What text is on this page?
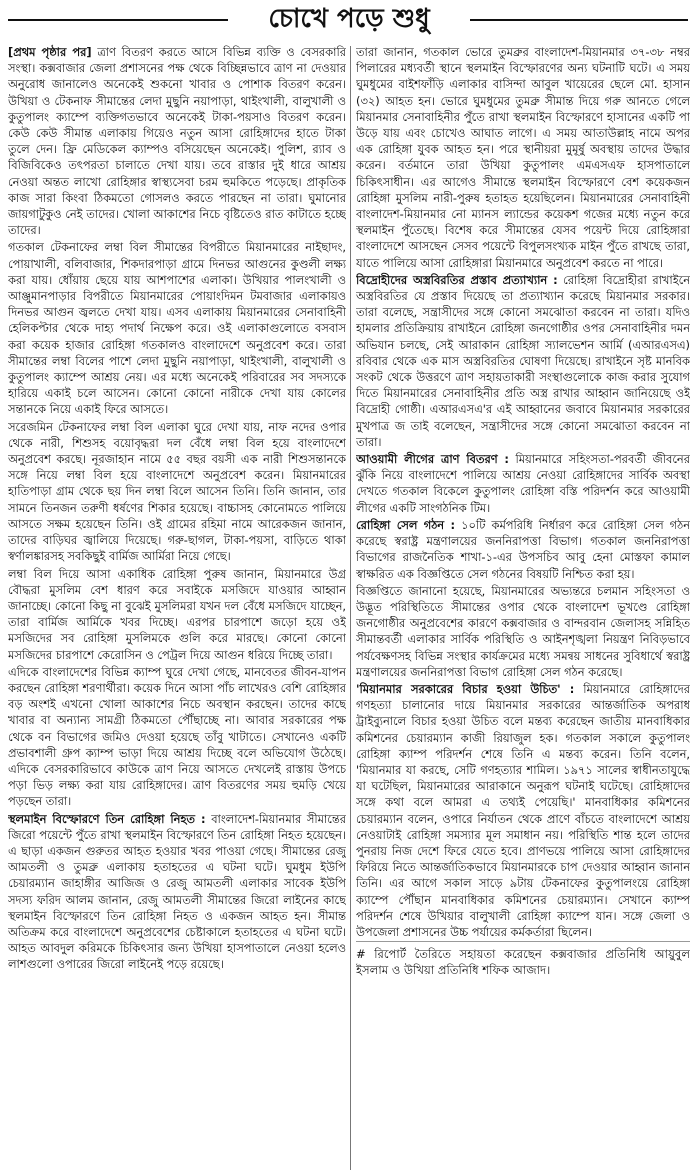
চোখে পড়ে শুধু

[প্রথম পৃষ্ঠার পর] ত্রাণ বিতরণ করতে আসে বিভিন্ন ব্যক্তি ও বেসরকারি সংস্থা। কক্সবাজার জেলা প্রশাসনের পক্ষ থেকে বিচ্ছিন্নভাবে ত্রাণ না দেওয়ার অনুরোধ জানালেও অনেকেই শুকনো খাবার ও পোশাক বিতরণ করেন। উখিয়া ও টেকনাফ সীমান্তের লেদা মুছুনি নয়াপাড়া, থাইংখালী, বালুখালী ও কুতুপালং ক্যাম্পে ব্যক্তিগতভাবে অনেকেই টাকা-পয়সাও বিতরণ করেন। কেউ কেউ সীমান্ত এলাকায় গিয়েও নতুন আসা রোহিঙ্গাদের হাতে টাকা তুলে দেন। ফ্রি মেডিকেল ক্যাম্পও বসিয়েছেন অনেকেই। পুলিশ, র‍্যাব ও বিজিবিকেও তৎপরতা চালাতে দেখা যায়। তবে রাস্তার দুই ধারে আশ্রয় নেওয়া অন্তত লাখো রোহিঙ্গার স্বাস্থ্যসেবা চরম হুমকিতে পড়েছে। প্রাকৃতিক কাজ সারা কিংবা ঠিকমতো গোসলও করতে পারছেন না তারা। ঘুমানোর জায়গাটুকুও নেই তাদের। খোলা আকাশের নিচে বৃষ্টিতেও রাত কাটাতে হচ্ছে তাদের।

গতকাল টেকনাফের লম্বা বিল সীমান্তের বিপরীতে মিয়ানমারের নাইছাদং, পোয়াখালী, বলিবাজার, শিকদারপাড়া গ্রামে দিনভর আগুনের কুণ্ডলী লক্ষ্য করা যায়। ধোঁয়ায় ছেয়ে যায় আশপাশের এলাকা। উখিয়ার পালংখালী ও আঞ্জুমানপাড়ার বিপরীতে মিয়ানমারের পোয়াংদিমন টমবাজার এলাকায়ও দিনভর আগুন জ্বলতে দেখা যায়। এসব এলাকায় মিয়ানমারের সেনাবাহিনী হেলিকপ্টার থেকে দাহ্য পদার্থ নিক্ষেপ করে। ওই এলাকাগুলোতে বসবাস করা কয়েক হাজার রোহিঙ্গা গতকালও বাংলাদেশে অনুপ্রবেশ করে। তারা সীমান্তের লম্বা বিলের পাশে লেদা মুছুনি নয়াপাড়া, থাইংখালী, বালুখালী ও কুতুপালং ক্যাম্পে আশ্রয় নেয়। এর মধ্যে অনেকেই পরিবারের সব সদস্যকে হারিয়ে একাই চলে আসেন। কোনো কোনো নারীকে দেখা যায় কোলের সন্তানকে নিয়ে একাই ফিরে আসতে।

সরেজমিন টেকনাফের লম্বা বিল এলাকা ঘুরে দেখা যায়, নাফ নদের ওপার থেকে নারী, শিশুসহ বয়োবৃদ্ধরা দল বেঁধে লম্বা বিল হয়ে বাংলাদেশে অনুপ্রবেশ করছে। নূরজাহান নামে ৫৫ বছর বয়সী এক নারী শিশুসন্তানকে সঙ্গে নিয়ে লম্বা বিল হয়ে বাংলাদেশে অনুপ্রবেশ করেন। মিয়ানমারের হাতিপাড়া গ্রাম থেকে ছয় দিন লম্বা বিলে আসেন তিনি। তিনি জানান, তার সামনে তিনজন তরুণী ধর্ষণের শিকার হয়েছে। বাচ্চাসহ কোনোমতে পালিয়ে আসতে সক্ষম হয়েছেন তিনি। ওই গ্রামের রহিমা নামে আরেকজন জানান, তাদের বাড়িঘর জ্বালিয়ে দিয়েছে। গরু-ছাগল, টাকা-পয়সা, বাড়িতে থাকা স্বর্ণালঙ্কারসহ সবকিছুই বার্মিজ আর্মিরা নিয়ে গেছে।

লম্বা বিল দিয়ে আসা একাধিক রোহিঙ্গা পুরুষ জানান, মিয়ানমারে উগ্র বৌদ্ধরা মুসলিম বেশ ধারণ করে সবাইকে মসজিদে যাওয়ার আহ্বান জানাচ্ছে। কোনো কিছু না বুঝেই মুসলিমরা যখন দল বেঁধে মসজিদে যাচ্ছেন, তারা বার্মিজ আর্মিকে খবর দিচ্ছে। এরপর চারপাশে জড়ো হয়ে ওই মসজিদের সব রোহিঙ্গা মুসলিমকে গুলি করে মারছে। কোনো কোনো মসজিদের চারপাশে কেরোসিন ও পেট্রল দিয়ে আগুন ধরিয়ে দিচ্ছে তারা।

এদিকে বাংলাদেশের বিভিন্ন ক্যাম্প ঘুরে দেখা গেছে, মানবেতর জীবন-যাপন করছেন রোহিঙ্গা শরণার্থীরা। কয়েক দিনে আসা পাঁচ লাখেরও বেশি রোহিঙ্গার বড় অংশই এখনো খোলা আকাশের নিচে অবস্থান করছেন। তাদের কাছে খাবার বা অন্যান্য সামগ্রী ঠিকমতো পৌঁছাচ্ছে না। আবার সরকারের পক্ষ থেকে বন বিভাগের জমিও দেওয়া হয়েছে তাঁবু খাটাতে। সেখানেও একটি প্রভাবশালী গ্রুপ ক্যাম্প ভাড়া দিয়ে আশ্রয় দিচ্ছে বলে অভিযোগ উঠেছে। এদিকে বেসরকারিভাবে কাউকে ত্রাণ নিয়ে আসতে দেখলেই রাস্তায় উপচে পড়া ভিড় লক্ষ্য করা যায় রোহিঙ্গাদের। ত্রাণ বিতরণের সময় হুমড়ি খেয়ে পড়ছেন তারা।

স্থলমাইন বিস্ফোরণে তিন রোহিঙ্গা নিহত : বাংলাদেশ-মিয়ানমার সীমান্তের জিরো পয়েন্টে পুঁতে রাখা স্থলমাইন বিস্ফোরণে তিন রোহিঙ্গা নিহত হয়েছেন। এ ছাড়া একজন গুরুতর আহত হওয়ার খবর পাওয়া গেছে। সীমান্তের রেজু আমতলী ও তুমব্রু এলাকায় হতাহতের এ ঘটনা ঘটে। ঘুমধুম ইউপি চেয়ারম্যান জাহাঙ্গীর আজিজ ও রেজু আমতলী এলাকার সাবেক ইউপি সদস্য ফরিদ আলম জানান, রেজু আমতলী সীমান্তের জিরো লাইনের কাছে স্থলমাইন বিস্ফোরণে তিন রোহিঙ্গা নিহত ও একজন আহত হন। সীমান্ত অতিক্রম করে বাংলাদেশে অনুপ্রবেশের চেষ্টাকালে হতাহতের এ ঘটনা ঘটে। আহত আবদুল করিমকে চিকিৎসার জন্য উখিয়া হাসপাতালে নেওয়া হলেও লাশগুলো ওপারের জিরো লাইনেই পড়ে রয়েছে।

তারা জানান, গতকাল ভোরে তুমব্রুর বাংলাদেশ-মিয়ানমার ৩৭-৩৮ নম্বর পিলারের মধ্যবর্তী স্থানে স্থলমাইন বিস্ফোরণের অন্য ঘটনাটি ঘটে। এ সময় ঘুমধুমের বাইশফাঁড়ি এলাকার বাসিন্দা আবুল খায়েরের ছেলে মো. হাসান (৩২) আহত হন। ভোরে ঘুমধুমের তুমব্রু সীমান্ত দিয়ে গরু আনতে গেলে মিয়ানমার সেনাবাহিনীর পুঁতে রাখা স্থলমাইন বিস্ফোরণে হাসানের একটি পা উড়ে যায় এবং চোখেও আঘাত লাগে। এ সময় আতাউল্লাহ নামে অপর এক রোহিঙ্গা যুবক আহত হন। পরে স্থানীয়রা মুমূর্ষু অবস্থায় তাদের উদ্ধার করেন। বর্তমানে তারা উখিয়া কুতুপালং এমএসএফ হাসপাতালে চিকিৎসাধীন। এর আগেও সীমান্তে স্থলমাইন বিস্ফোরণে বেশ কয়েকজন রোহিঙ্গা মুসলিম নারী-পুরুষ হতাহত হয়েছিলেন। মিয়ানমারের সেনাবাহিনী বাংলাদেশ-মিয়ানমার নো ম্যানস ল্যান্ডের কয়েকশ গজের মধ্যে নতুন করে স্থলমাইন পুঁতেছে। বিশেষ করে সীমান্তের যেসব পয়েন্ট দিয়ে রোহিঙ্গারা বাংলাদেশে আসছেন সেসব পয়েন্টে বিপুলসংখ্যক মাইন পুঁতে রাখছে তারা, যাতে পালিয়ে আসা রোহিঙ্গারা মিয়ানমারে অনুপ্রবেশ করতে না পারে।

বিদ্রোহীদের অস্ত্রবিরতির প্রস্তাব প্রত্যাখ্যান : রোহিঙ্গা বিদ্রোহীরা রাখাইনে অস্ত্রবিরতির যে প্রস্তাব দিয়েছে তা প্রত্যাখ্যান করেছে মিয়ানমার সরকার। তারা বলেছে, সন্ত্রাসীদের সঙ্গে কোনো সমঝোতা করবেন না তারা। যদিও হামলার প্রতিক্রিয়ায় রাখাইনে রোহিঙ্গা জনগোষ্ঠীর ওপর সেনাবাহিনীর দমন অভিযান চলছে, সেই আরাকান রোহিঙ্গা স্যালভেশন আর্মি (এআরএসএ) রবিবার থেকে এক মাস অস্ত্রবিরতির ঘোষণা দিয়েছে। রাখাইনে সৃষ্ট মানবিক সংকট থেকে উত্তরণে ত্রাণ সহায়তাকারী সংস্থাগুলোকে কাজ করার সুযোগ দিতে মিয়ানমারের সেনাবাহিনীর প্রতি অস্ত্র রাখার আহ্বান জানিয়েছে ওই বিদ্রোহী গোষ্ঠী। এআরএসএ'র এই আহ্বানের জবাবে মিয়ানমার সরকারের মুখপাত্র জ তাই বলেছেন, সন্ত্রাসীদের সঙ্গে কোনো সমঝোতা করবেন না তারা।

আওয়ামী লীগের ত্রাণ বিতরণ : মিয়ানমারে সহিংসতা-পরবর্তী জীবনের ঝুঁকি নিয়ে বাংলাদেশে পালিয়ে আশ্রয় নেওয়া রোহিঙ্গাদের সার্বিক অবস্থা দেখতে গতকাল বিকেলে কুতুপালং রোহিঙ্গা বস্তি পরিদর্শন করে আওয়ামী লীগের একটি সাংগঠনিক টিম।

রোহিঙ্গা সেল গঠন : ১০টি কর্মপরিধি নির্ধারণ করে রোহিঙ্গা সেল গঠন করেছে স্বরাষ্ট্র মন্ত্রণালয়ের জননিরাপত্তা বিভাগ। গতকাল জননিরাপত্তা বিভাগের রাজনৈতিক শাখা-১-এর উপসচিব আবু হেনা মোস্তফা কামাল স্বাক্ষরিত এক বিজ্ঞপ্তিতে সেল গঠনের বিষয়টি নিশ্চিত করা হয়।

বিজ্ঞপ্তিতে জানানো হয়েছে, মিয়ানমারের অভ্যন্তরে চলমান সহিংসতা ও উদ্ভূত পরিস্থিতিতে সীমান্তের ওপার থেকে বাংলাদেশ ভূখণ্ডে রোহিঙ্গা জনগোষ্ঠীর অনুপ্রবেশের কারণে কক্সবাজার ও বান্দরবান জেলাসহ সন্নিহিত সীমান্তবর্তী এলাকার সার্বিক পরিস্থিতি ও আইনশৃঙ্খলা নিয়ন্ত্রণ নিবিড়ভাবে পর্যবেক্ষণসহ বিভিন্ন সংস্থার কার্যক্রমের মধ্যে সমন্বয় সাধনের সুবিধার্থে স্বরাষ্ট্র মন্ত্রণালয়ের জননিরাপত্তা বিভাগ রোহিঙ্গা সেল গঠন করেছে।

'মিয়ানমার সরকারের বিচার হওয়া উচিত' : মিয়ানমারে রোহিঙ্গাদের গণহত্যা চালানোর দায়ে মিয়ানমার সরকারের আন্তর্জাতিক অপরাধ ট্রাইব্যুনালে বিচার হওয়া উচিত বলে মন্তব্য করেছেন জাতীয় মানবাধিকার কমিশনের চেয়ারম্যান কাজী রিয়াজুল হক। গতকাল সকালে কুতুপালং রোহিঙ্গা ক্যাম্প পরিদর্শন শেষে তিনি এ মন্তব্য করেন। তিনি বলেন, 'মিয়ানমার যা করছে, সেটি গণহত্যার শামিল। ১৯৭১ সালের স্বাধীনতাযুদ্ধে যা ঘটেছিল, মিয়ানমারের আরাকানে অনুরূপ ঘটনাই ঘটেছে। রোহিঙ্গাদের সঙ্গে কথা বলে আমরা এ তথ্যই পেয়েছি।' মানবাধিকার কমিশনের চেয়ারম্যান বলেন, ওপারে নির্যাতন থেকে প্রাণে বাঁচতে বাংলাদেশে আশ্রয় নেওয়াটাই রোহিঙ্গা সমস্যার মূল সমাধান নয়। পরিস্থিতি শান্ত হলে তাদের পুনরায় নিজ দেশে ফিরে যেতে হবে। প্রাণভয়ে পালিয়ে আসা রোহিঙ্গাদের ফিরিয়ে নিতে আন্তর্জাতিকভাবে মিয়ানমারকে চাপ দেওয়ার আহ্বান জানান তিনি। এর আগে সকাল সাড়ে ৯টায় টেকনাফের কুতুপালংয়ে রোহিঙ্গা ক্যাম্পে পৌঁছান মানবাধিকার কমিশনের চেয়ারম্যান। সেখানে ক্যাম্প পরিদর্শন শেষে উখিয়ার বালুখালী রোহিঙ্গা ক্যাম্পে যান। সঙ্গে জেলা ও উপজেলা প্রশাসনের উচ্চ পর্যায়ের কর্মকর্তারা ছিলেন।

# রিপোর্ট তৈরিতে সহায়তা করেছেন কক্সবাজার প্রতিনিধি আয়ুবুল ইসলাম ও উখিয়া প্রতিনিধি শফিক আজাদ।
